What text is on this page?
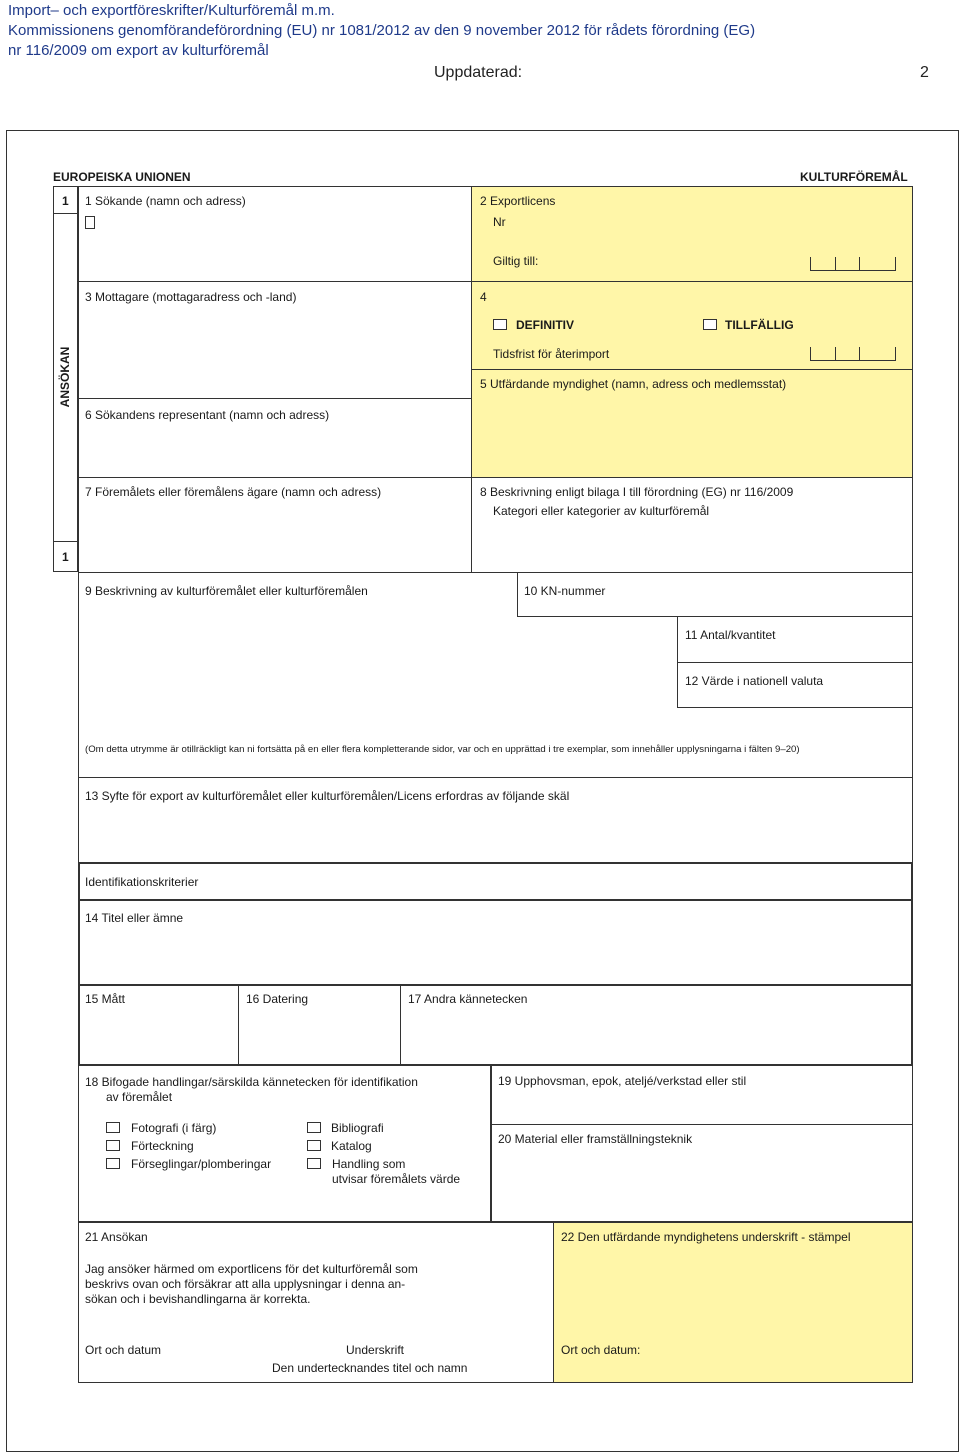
Import– och exportföreskrifter/Kulturföremål m.m.
Kommissionens genomförandeförordning (EU) nr 1081/2012 av den 9 november 2012 för rådets förordning (EG)
nr 116/2009 om export av kulturföremål
Uppdaterad:	2
EUROPEISKA UNIONEN	KULTURFÖREMÅL
1
1
ANSÖKAN
1 Sökande (namn och adress)	2 Exportlicens
Nr
Giltig till:
3 Mottagare (mottagaradress och -land)	4
DEFINITIV	TILLFÄLLIG
Tidsfrist för återimport
5 Utfärdande myndighet (namn, adress och medlemsstat)
6 Sökandens representant (namn och adress)
7 Föremålets eller föremålens ägare (namn och adress)	8 Beskrivning enligt bilaga I till förordning (EG) nr 116/2009
Kategori eller kategorier av kulturföremål
9 Beskrivning av kulturföremålet eller kulturföremålen	10 KN-nummer
11 Antal/kvantitet
12 Värde i nationell valuta
(Om detta utrymme är otillräckligt kan ni fortsätta på en eller flera kompletterande sidor, var och en upprättad i tre exemplar, som innehåller upplysningarna i fälten 9–20)
13 Syfte för export av kulturföremålet eller kulturföremålen/Licens erfordras av följande skäl
Identifikationskriterier
14 Titel eller ämne
15 Mått	16 Datering	17 Andra kännetecken
18 Bifogade handlingar/särskilda kännetecken för identifikation
av föremålet
Fotografi (i färg)
Förteckning
Förseglingar/plomberingar
Bibliografi
Katalog
Handling som
utvisar föremålets värde
19 Upphovsman, epok, ateljé/verkstad eller stil
20 Material eller framställningsteknik
21 Ansökan
Jag ansöker härmed om exportlicens för det kulturföremål som
beskrivs ovan och försäkrar att alla upplysningar i denna an-
sökan och i bevishandlingarna är korrekta.
Ort och datum	Underskrift
Den undertecknandes titel och namn
22 Den utfärdande myndighetens underskrift - stämpel
Ort och datum:
